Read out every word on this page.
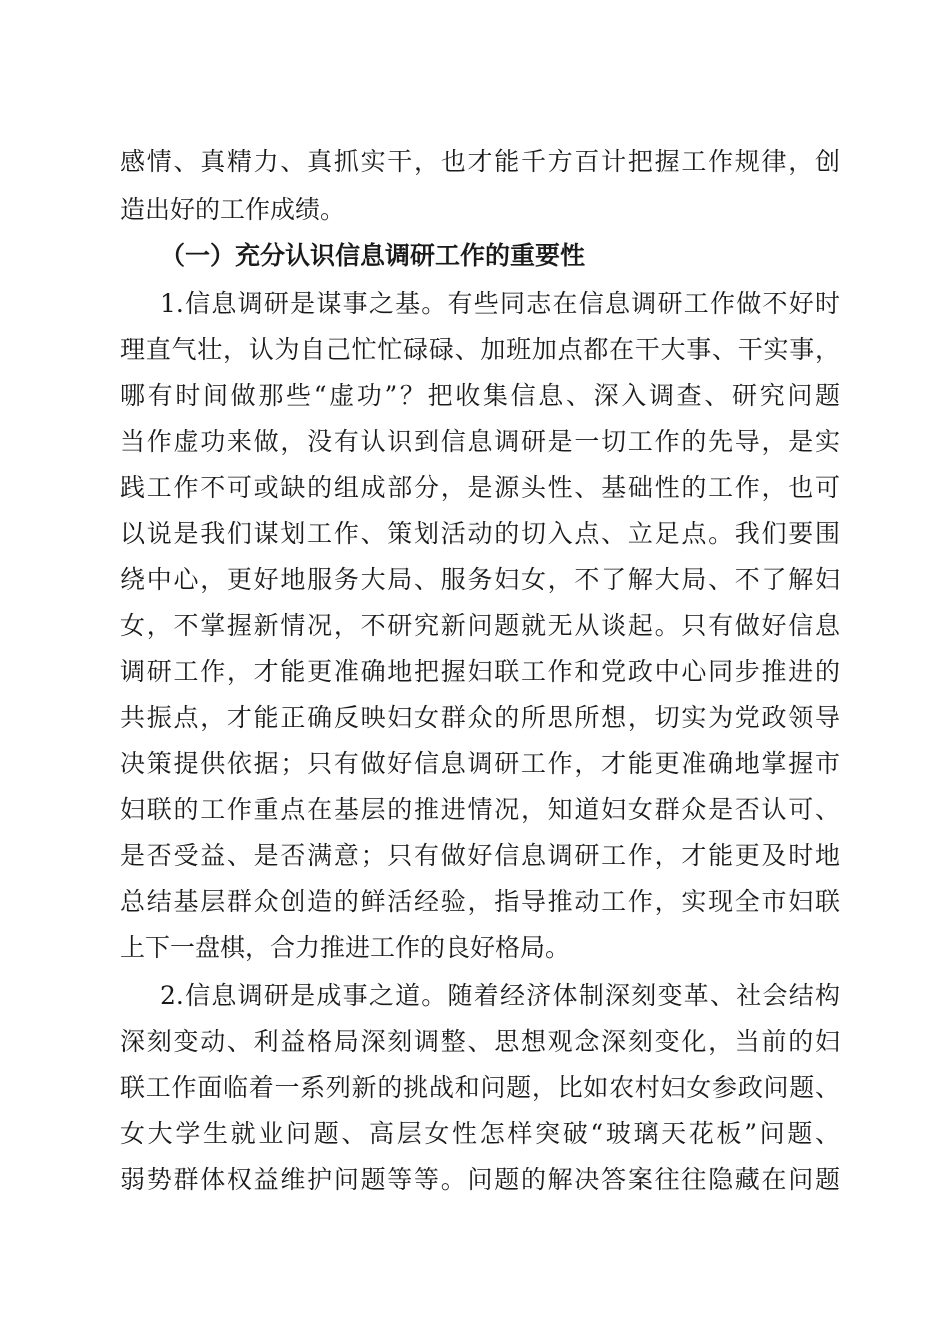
感情、真精力、真抓实干，也才能千方百计把握工作规律，创
造出好的工作成绩。
（一）充分认识信息调研工作的重要性
1.信息调研是谋事之基。有些同志在信息调研工作做不好时
理直气壮，认为自己忙忙碌碌、加班加点都在干大事、干实事，
哪有时间做那些“虚功”？把收集信息、深入调查、研究问题
当作虚功来做，没有认识到信息调研是一切工作的先导，是实
践工作不可或缺的组成部分，是源头性、基础性的工作，也可
以说是我们谋划工作、策划活动的切入点、立足点。我们要围
绕中心，更好地服务大局、服务妇女，不了解大局、不了解妇
女，不掌握新情况，不研究新问题就无从谈起。只有做好信息
调研工作，才能更准确地把握妇联工作和党政中心同步推进的
共振点，才能正确反映妇女群众的所思所想，切实为党政领导
决策提供依据；只有做好信息调研工作，才能更准确地掌握市
妇联的工作重点在基层的推进情况，知道妇女群众是否认可、
是否受益、是否满意；只有做好信息调研工作，才能更及时地
总结基层群众创造的鲜活经验，指导推动工作，实现全市妇联
上下一盘棋，合力推进工作的良好格局。
2.信息调研是成事之道。随着经济体制深刻变革、社会结构
深刻变动、利益格局深刻调整、思想观念深刻变化，当前的妇
联工作面临着一系列新的挑战和问题，比如农村妇女参政问题、
女大学生就业问题、高层女性怎样突破“玻璃天花板”问题、
弱势群体权益维护问题等等。问题的解决答案往往隐藏在问题
